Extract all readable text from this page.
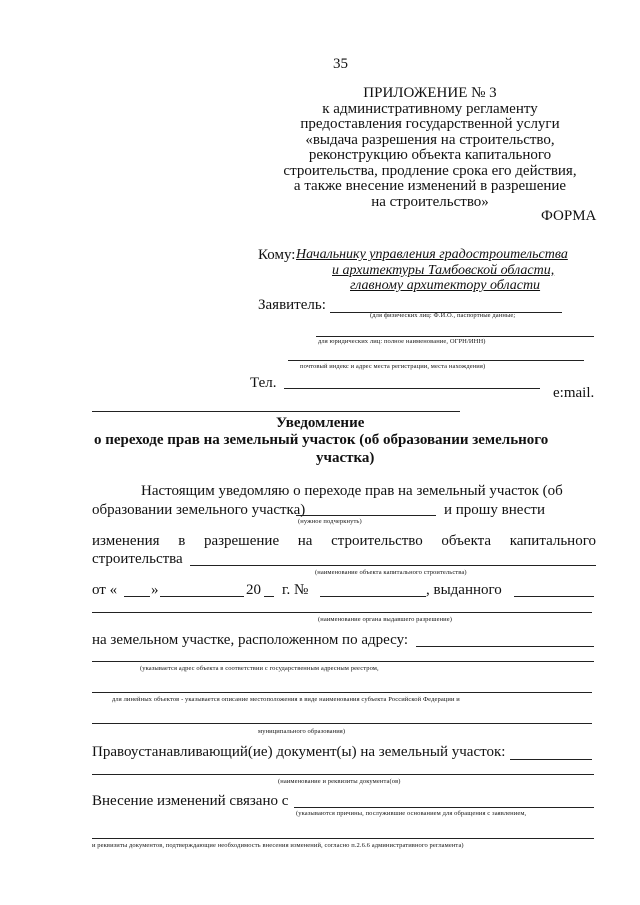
35
ПРИЛОЖЕНИЕ № 3
к административному регламенту
предоставления государственной услуги
«выдача разрешения на строительство,
реконструкцию объекта капитального
строительства, продление срока его действия,
а также внесение изменений в разрешение
на строительство»
ФОРМА
Кому: Начальнику управления градостроительства
и архитектуры Тамбовской области,
главному архитектору области
Заявитель:
(для физических лиц: Ф.И.О., паспортные данные;
для юридических лиц: полное наименование, ОГРН/ИНН)
почтовый индекс и адрес места регистрации, места нахождения)
Тел.
e:mail.
Уведомление
о переходе прав на земельный участок (об образовании земельного
участка)
Настоящим уведомляю о переходе прав на земельный участок (об
образовании земельного участка)	и прошу внести
(нужное подчеркнуть)
изменения в разрешение на строительство объекта капитального
строительства
(наименование объекта капитального строительства)
от « »	20 г. №	, выданного
(наименование органа выдавшего разрешение)
на земельном участке, расположенном по адресу:
(указывается адрес объекта в соответствии с государственным адресным реестром,
для линейных объектов - указывается описание местоположения в виде наименования субъекта Российской Федерации и
муниципального образования)
Правоустанавливающий(ие) документ(ы) на земельный участок:
(наименование и реквизиты документа(ов)
Внесение изменений связано с
(указываются причины, послужившие основанием для обращения с заявлением,
и реквизиты документов, подтверждающие необходимость внесения изменений, согласно п.2.6.6 административного регламента)
